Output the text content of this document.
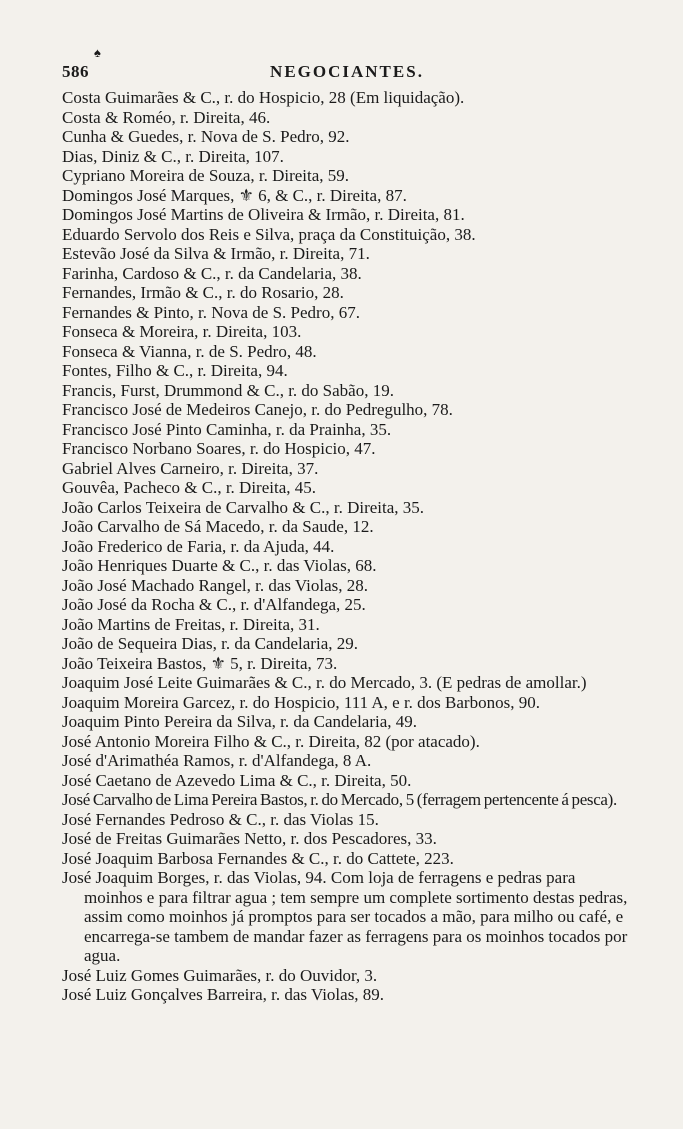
♠
586	NEGOCIANTES.

Costa Guimarães & C., r. do Hospicio, 28 (Em liquidação).

Costa & Roméo, r. Direita, 46.

Cunha & Guedes, r. Nova de S. Pedro, 92.

Dias, Diniz & C., r. Direita, 107.

Cypriano Moreira de Souza, r. Direita, 59.

Domingos José Marques, ⚜ 6, & C., r. Direita, 87.

Domingos José Martins de Oliveira & Irmão, r. Direita, 81.

Eduardo Servolo dos Reis e Silva, praça da Constituição, 38.

Estevão José da Silva & Irmão, r. Direita, 71.

Farinha, Cardoso & C., r. da Candelaria, 38.

Fernandes, Irmão & C., r. do Rosario, 28.

Fernandes & Pinto, r. Nova de S. Pedro, 67.

Fonseca & Moreira, r. Direita, 103.

Fonseca & Vianna, r. de S. Pedro, 48.

Fontes, Filho & C., r. Direita, 94.

Francis, Furst, Drummond & C., r. do Sabão, 19.

Francisco José de Medeiros Canejo, r. do Pedregulho, 78.

Francisco José Pinto Caminha, r. da Prainha, 35.

Francisco Norbano Soares, r. do Hospicio, 47.

Gabriel Alves Carneiro, r. Direita, 37.

Gouvêa, Pacheco & C., r. Direita, 45.

João Carlos Teixeira de Carvalho & C., r. Direita, 35.

João Carvalho de Sá Macedo, r. da Saude, 12.

João Frederico de Faria, r. da Ajuda, 44.

João Henriques Duarte & C., r. das Violas, 68.

João José Machado Rangel, r. das Violas, 28.

João José da Rocha & C., r. d'Alfandega, 25.

João Martins de Freitas, r. Direita, 31.

João de Sequeira Dias, r. da Candelaria, 29.

João Teixeira Bastos, ⚜ 5, r. Direita, 73.

Joaquim José Leite Guimarães & C., r. do Mercado, 3. (E pedras de amollar.)

Joaquim Moreira Garcez, r. do Hospicio, 111 A, e r. dos Barbonos, 90.

Joaquim Pinto Pereira da Silva, r. da Candelaria, 49.

José Antonio Moreira Filho & C., r. Direita, 82 (por atacado).

José d'Arimathéa Ramos, r. d'Alfandega, 8 A.

José Caetano de Azevedo Lima & C., r. Direita, 50.

José Carvalho de Lima Pereira Bastos, r. do Mercado, 5 (ferragem pertencente á pesca).

José Fernandes Pedroso & C., r. das Violas 15.

José de Freitas Guimarães Netto, r. dos Pescadores, 33.

José Joaquim Barbosa Fernandes & C., r. do Cattete, 223.

José Joaquim Borges, r. das Violas, 94. Com loja de ferragens e pedras para moinhos e para filtrar agua ; tem sempre um complete sortimento destas pedras, assim como moinhos já promptos para ser tocados a mão, para milho ou café, e encarrega-se tambem de mandar fazer as ferragens para os moinhos tocados por agua.

José Luiz Gomes Guimarães, r. do Ouvidor, 3.

José Luiz Gonçalves Barreira, r. das Violas, 89.
